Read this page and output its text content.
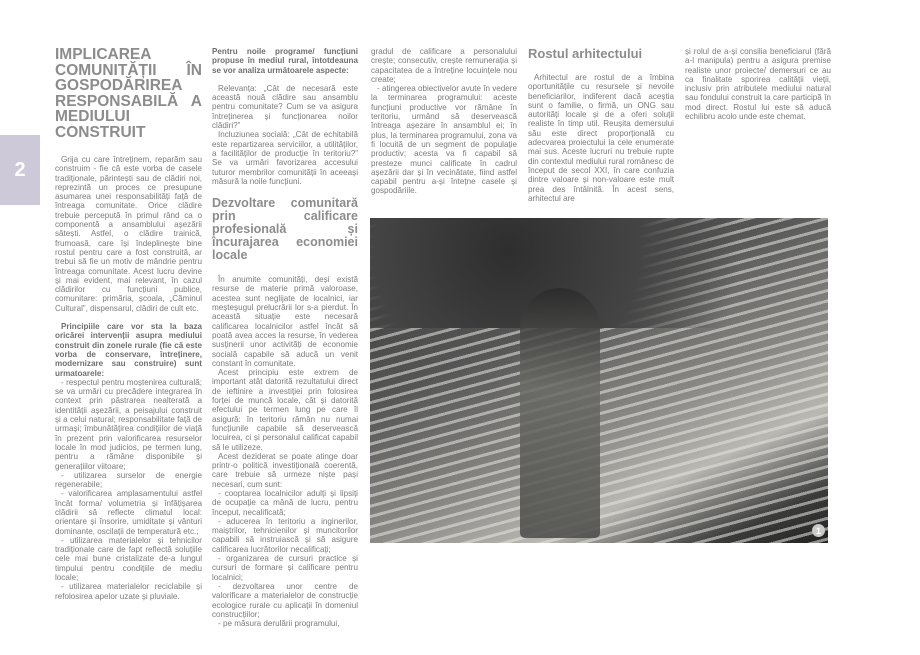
2
IMPLICAREA COMUNITĂȚII ÎN GOSPODĂRIREA RESPONSABILĂ A MEDIULUI CONSTRUIT

Grija cu care întreținem, reparăm sau construim - fie că este vorba de casele tradiționale, părintești sau de clădiri noi, reprezintă un proces ce presupune asumarea unei responsabilități față de întreaga comunitate. Orice clădire trebuie percepută în primul rând ca o componentă a ansamblului așezării sătești. Astfel, o clădire trainică, frumoasă, care își îndeplinește bine rostul pentru care a fost construită, ar trebui să fie un motiv de mândrie pentru întreaga comunitate. Acest lucru devine și mai evident, mai relevant, în cazul clădirilor cu funcțiuni publice, comunitare: primăria, școala, „Căminul Cultural”, dispensarul, clădiri de cult etc.

Principiile care vor sta la baza oricărei intervenții asupra mediului construit din zonele rurale (fie că este vorba de conservare, întreținere, modernizare sau construire) sunt urmatoarele:

- respectul pentru moștenirea culturală; se va urmări cu precădere integrarea în context prin păstrarea nealterată a identității așezării, a peisajului construit și a celui natural; responsabilitate față de urmași; îmbunătățirea condițiilor de viață în prezent prin valorificarea resurselor locale în mod judicios, pe termen lung, pentru a rămâne disponibile și generațiilor viitoare;

- utilizarea surselor de energie regenerabile;

- valorificarea amplasamentului astfel încât forma/ volumetria și înfățișarea clădirii să reflecte climatul local: orientare și însorire, umiditate și vânturi dominante, oscilații de temperatură etc.;

- utilizarea materialelor și tehnicilor tradiționale care de fapt reflectă soluțiile cele mai bune cristalizate de-a lungul timpului pentru condițiile de mediu locale;

- utilizarea materialelor reciclabile și refolosirea apelor uzate și pluviale.

Pentru noile programe/ funcțiuni propuse în mediul rural, întotdeauna se vor analiza următoarele aspecte:

Relevanța: „Cât de necesară este această nouă clădire sau ansamblu pentru comunitate? Cum se va asigura întreținerea și funcționarea noilor clădiri?”

Incluziunea socială: „Cât de echitabilă este repartizarea serviciilor, a utilităților, a facilităților de producție în teritoriu?” Se va urmări favorizarea accesului tuturor membrilor comunității în aceeași măsură la noile funcțiuni.

Dezvoltare comunitară prin calificare profesională și încurajarea economiei locale

În anumite comunități, deși există resurse de materie primă valoroase, acestea sunt neglijate de localnici, iar meșteșugul prelucrării lor s-a pierdut. În această situație este necesară calificarea localnicilor astfel încât să poată avea acces la resurse, în vederea susținerii unor activități de economie socială capabile să aducă un venit constant în comunitate.

Acest principiu este extrem de important atât datorită rezultatului direct de ieftinire a investiției prin folosirea forței de muncă locale, cât și datorită efectului pe termen lung pe care îl asigură: în teritoriu rămân nu numai funcțiunile capabile să deservească locuirea, ci și personalul calificat capabil să le utilizeze.

Acest deziderat se poate atinge doar printr-o politică investițională coerentă, care trebuie să urmeze niște pași necesari, cum sunt:

- cooptarea localnicilor adulți și lipsiți de ocupație ca mână de lucru, pentru început, necalificată;

- aducerea în teritoriu a inginerilor, maiștrilor, tehnicienilor și muncitorilor capabili să instruiască și să asigure calificarea lucrătorilor necalificați;

- organizarea de cursuri practice și cursuri de formare și calificare pentru localnici;

- dezvoltarea unor centre de valorificare a materialelor de construcție ecologice rurale cu aplicații în domeniul construcțiilor;

- pe măsura derulării programului,

gradul de calificare a personalului crește; consecutiv, crește remunerația și capacitatea de a întreține locuințele nou create;

- atingerea obiectivelor avute în vedere la terminarea programului: aceste funcțiuni productive vor rămâne în teritoriu, urmând să deservească întreaga așezare în ansamblul ei; în plus, la terminarea programului, zona va fi locuită de un segment de populație productiv; acesta va fi capabil să presteze munci calificate în cadrul așezării dar și în vecinătate, fiind astfel capabil pentru a-și întețne casele și gospodăriile.

Rostul arhitectului

Arhitectul are rostul de a îmbina oportunitățile cu resursele și nevoile beneficiarilor, indiferent dacă aceștia sunt o familie, o firmă, un ONG sau autorități locale și de a oferi soluții realiste în timp util. Reușita demersului său este direct proporțională cu adecvarea proiectului la cele enumerate mai sus. Aceste lucruri nu trebuie rupte din contextul mediului rural românesc de început de secol XXI, în care confuzia dintre valoare și non-valoare este mult prea des întâlnită. În acest sens, arhitectul are

și rolul de a-și consilia beneficiarul (fără a-l manipula) pentru a asigura premise realiste unor proiecte/ demersuri ce au ca finalitate sporirea calității vieții, inclusiv prin atributele mediului natural sau fondului construit la care participă în mod direct. Rostul lui este să aducă echilibru acolo unde este chemat.

1
